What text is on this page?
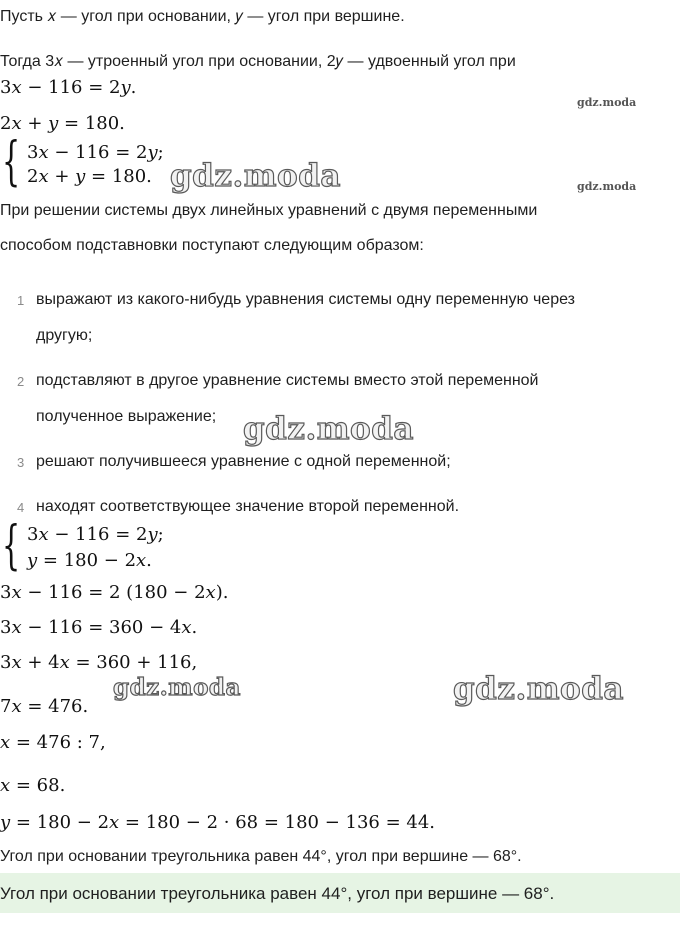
Пусть 𝑥 — угол при основании, 𝑦 — угол при вершине.
Тогда 3𝑥 — утроенный угол при основании, 2𝑦 — удвоенный угол при
3𝑥 − 116 = 2𝑦.
gdz.moda
2𝑥 + 𝑦 = 180.
{ 3𝑥 − 116 = 2𝑦;
2𝑥 + 𝑦 = 180. gdz.moda	gdz.moda
При решении системы двух линейных уравнений с двумя переменными
способом подставновки поступают следующим образом:
1 выражают из какого-нибудь уравнения системы одну переменную через
другую;
2 подставляют в другое уравнение системы вместо этой переменной
полученное выражение; gdz.moda
3 решают получившееся уравнение с одной переменной;
4 находят соответствующее значение второй переменной.
{ 3𝑥 − 116 = 2𝑦;
𝑦 = 180 − 2𝑥.
3𝑥 − 116 = 2 (180 − 2𝑥).
3𝑥 − 116 = 360 − 4𝑥.
3𝑥 + 4𝑥 = 360 + 116,
gdz.moda	gdz.moda
7𝑥 = 476.
𝑥 = 476 : 7,
𝑥 = 68.
𝑦 = 180 − 2𝑥 = 180 − 2 · 68 = 180 − 136 = 44.
Угол при основании треугольника равен 44°, угол при вершине — 68°.
Угол при основании треугольника равен 44°, угол при вершине — 68°.
